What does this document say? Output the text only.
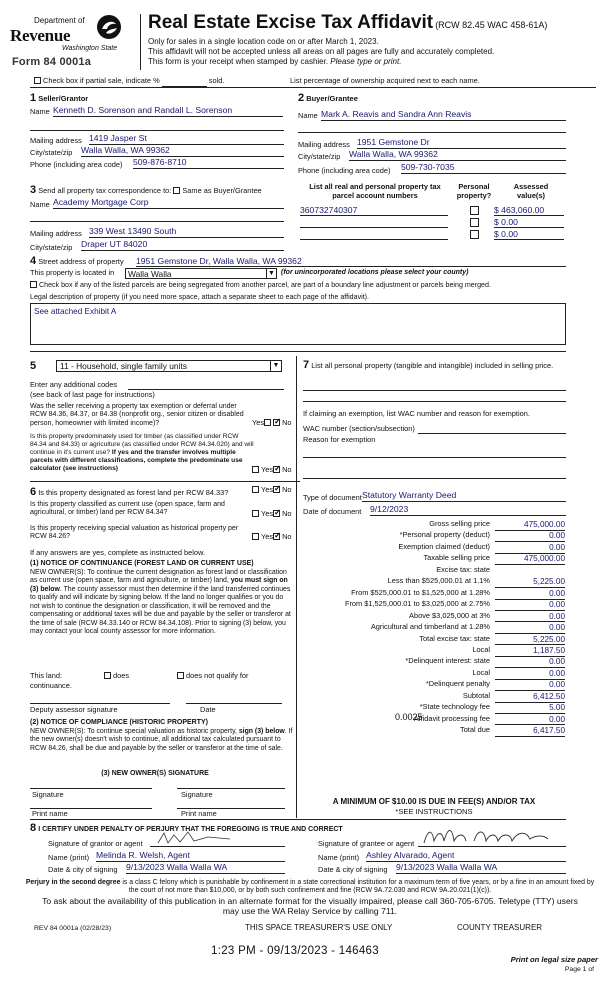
Department of
Revenue
Washington State
Form 84 0001a
Real Estate Excise Tax Affidavit (RCW 82.45 WAC 458-61A)
Only for sales in a single location code on or after March 1, 2023.
This affidavit will not be accepted unless all areas on all pages are fully and accurately completed.
This form is your receipt when stamped by cashier. Please type or print.
Check box if partial sale, indicate %	sold.	List percentage of ownership acquired next to each name.
1 Seller/Grantor
Name Kenneth D. Sorenson and Randall L. Sorenson
Mailing address 1419 Jasper St
City/state/zip Walla Walla, WA 99362
Phone (including area code) 509-876-8710
2 Buyer/Grantee
Name Mark A. Reavis and Sandra Ann Reavis
Mailing address 1951 Gemstone Dr
City/state/zip Walla Walla, WA 99362
Phone (including area code) 509-730-7035
3 Send all property tax correspondence to: Same as Buyer/Grantee
Name Academy Mortgage Corp
Mailing address 339 West 13490 South
City/state/zip Draper UT 84020
List all real and personal property tax parcel account numbers
Personal property?
Assessed value(s)
360732740307	$ 463,060.00
$ 0.00
$ 0.00
4 Street address of property 1951 Gemstone Dr, Walla Walla, WA 99362
This property is located in	Walla Walla	▼ (for unincorporated locations please select your county)
Check box if any of the listed parcels are being segregated from another parcel, are part of a boundary line adjustment or parcels being merged.
Legal description of property (if you need more space, attach a separate sheet to each page of the affidavit).
See attached Exhibit A
5	11 - Household, single family units	▼
Enter any additional codes
(see back of last page for instructions)
Was the seller receiving a property tax exemption or deferral under RCW 84.36, 84.37, or 84.38 (nonprofit org., senior citizen or disabled person, homeowner with limited income)?	Yes ✓ No
Is this property predominately used for timber (as classified under RCW 84.34 and 84.33) or agriculture (as classified under RCW 84.34.020) and will continue in it's current use? If yes and the transfer involves multiple parcels with different classifications, complete the predominate use calculator (see instructions)	Yes ✓ No
6 Is this property designated as forest land per RCW 84.33?	Yes ✓ No
Is this property classified as current use (open space, farm and agricultural, or timber) land per RCW 84.34?	Yes ✓ No
Is this property receiving special valuation as historical property per RCW 84.26?	Yes ✓ No
If any answers are yes, complete as instructed below.
(1) NOTICE OF CONTINUANCE (FOREST LAND OR CURRENT USE)
NEW OWNER(S): To continue the current designation as forest land or classification as current use (open space, farm and agriculture, or timber) land, you must sign on (3) below. The county assessor must then determine if the land transferred continues to qualify and will indicate by signing below. If the land no longer qualifies or you do not wish to continue the designation or classification, it will be removed and the compensating or additional taxes will be due and payable by the seller or transferor at the time of sale (RCW 84.33.140 or RCW 84.34.108). Prior to signing (3) below, you may contact your local county assessor for more information.
This land:	does	does not qualify for
continuance.
Deputy assessor signature	Date
(2) NOTICE OF COMPLIANCE (HISTORIC PROPERTY)
NEW OWNER(S): To continue special valuation as historic property, sign (3) below. If the new owner(s) doesn't wish to continue, all additional tax calculated pursuant to RCW 84.26, shall be due and payable by the seller or transferor at the time of sale.
(3) NEW OWNER(S) SIGNATURE
Signature	Signature
Print name	Print name
7 List all personal property (tangible and intangible) included in selling price.
If claiming an exemption, list WAC number and reason for exemption.
WAC number (section/subsection)
Reason for exemption
Type of document Statutory Warranty Deed
Date of document 9/12/2023
Gross selling price	475,000.00
*Personal property (deduct)	0.00
Exemption claimed (deduct)	0.00
Taxable selling price	475,000.00
Excise tax: state
Less than $525,000.01 at 1.1%	5,225.00
From $525,000.01 to $1,525,000 at 1.28%	0.00
From $1,525,000.01 to $3,025,000 at 2.75%	0.00
Above $3,025,000 at 3%	0.00
Agricultural and timberland at 1.28%	0.00
Total excise tax: state	5,225.00
Local	1,187.50
*Delinquent interest: state	0.00
Local	0.00
*Delinquent penalty	0.00
Subtotal	6,412.50
*State technology fee	5.00
Affidavit processing fee	0.00
Total due	6,417.50
0.0025
A MINIMUM OF $10.00 IS DUE IN FEE(S) AND/OR TAX
*SEE INSTRUCTIONS
8 I CERTIFY UNDER PENALTY OF PERJURY THAT THE FOREGOING IS TRUE AND CORRECT
Signature of grantor or agent
Name (print) Melinda R. Welsh, Agent
Date & city of signing 9/13/2023 Walla Walla WA
Signature of grantee or agent
Name (print) Ashley Alvarado, Agent
Date & city of signing 9/13/2023 Walla Walla WA
Perjury in the second degree is a class C felony which is punishable by confinement in a state correctional institution for a maximum term of five years, or by a fine in an amount fixed by the court of not more than $10,000, or by both such confinement and fine (RCW 9A.72.030 and RCW 9A.20.021(1)(c)).
To ask about the availability of this publication in an alternate format for the visually impaired, please call 360-705-6705. Teletype (TTY) users may use the WA Relay Service by calling 711.
REV 84 0001a (02/28/23)	THIS SPACE TREASURER'S USE ONLY	COUNTY TREASURER
1:23 PM - 09/13/2023 - 146463
Print on legal size paper
Page 1 of
